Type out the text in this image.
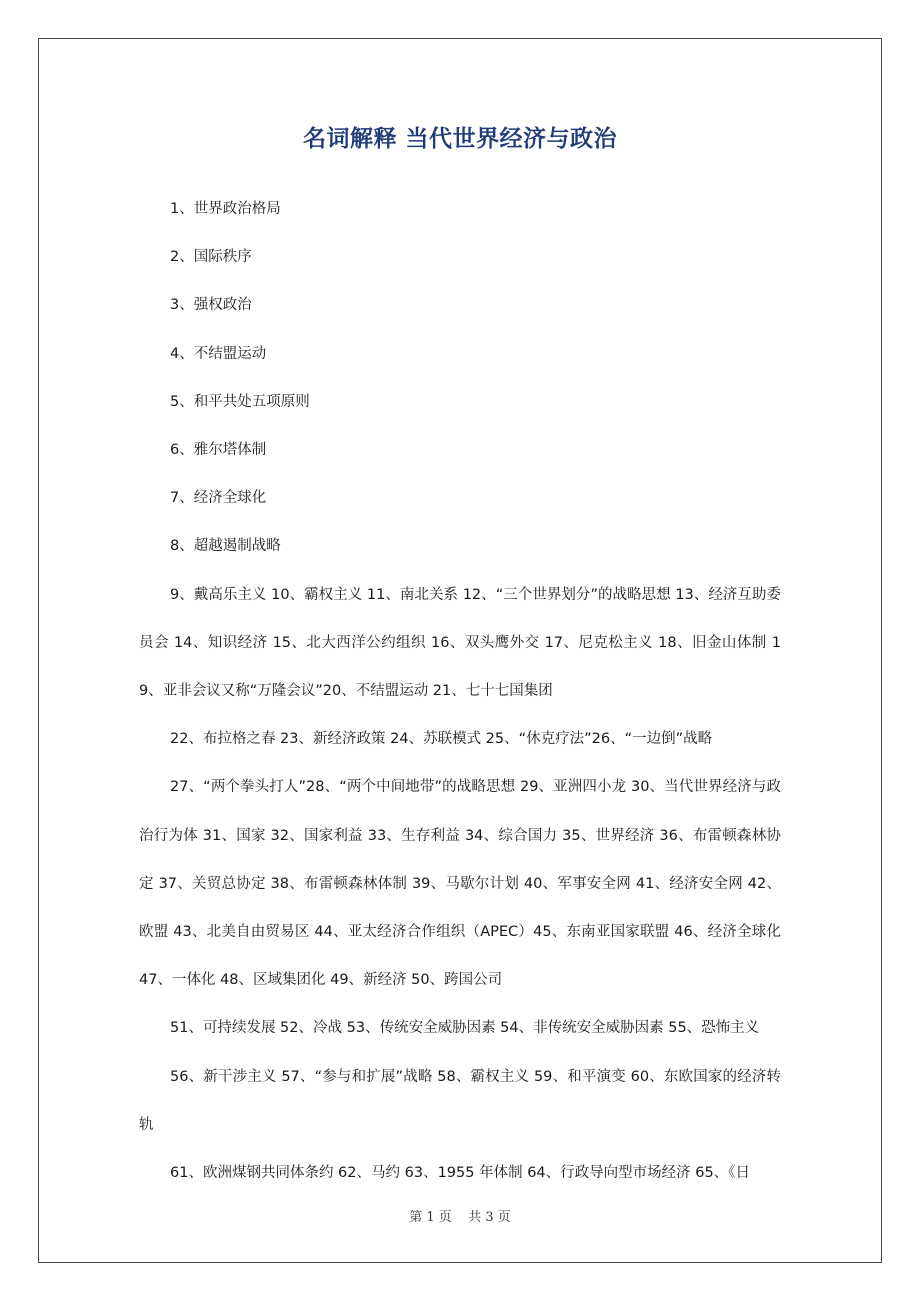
名词解释 当代世界经济与政治

1、世界政治格局

2、国际秩序

3、强权政治

4、不结盟运动

5、和平共处五项原则

6、雅尔塔体制

7、经济全球化

8、超越遏制战略

9、戴高乐主义 10、霸权主义 11、南北关系 12、“三个世界划分”的战略思想 13、经济互助委员会 14、知识经济 15、北大西洋公约组织 16、双头鹰外交 17、尼克松主义 18、旧金山体制 19、亚非会议又称“万隆会议”20、不结盟运动 21、七十七国集团

22、布拉格之春 23、新经济政策 24、苏联模式 25、“休克疗法”26、“一边倒”战略

27、“两个拳头打人”28、“两个中间地带”的战略思想 29、亚洲四小龙 30、当代世界经济与政治行为体 31、国家 32、国家利益 33、生存利益 34、综合国力 35、世界经济 36、布雷顿森林协定 37、关贸总协定 38、布雷顿森林体制 39、马歇尔计划 40、军事安全网 41、经济安全网 42、欧盟 43、北美自由贸易区 44、亚太经济合作组织（APEC）45、东南亚国家联盟 46、经济全球化 47、一体化 48、区域集团化 49、新经济 50、跨国公司

51、可持续发展 52、冷战 53、传统安全威胁因素 54、非传统安全威胁因素 55、恐怖主义

56、新干涉主义 57、“参与和扩展”战略 58、霸权主义 59、和平演变 60、东欧国家的经济转轨

61、欧洲煤钢共同体条约 62、马约 63、1955 年体制 64、行政导向型市场经济 65、《日

第 1 页    共 3 页
